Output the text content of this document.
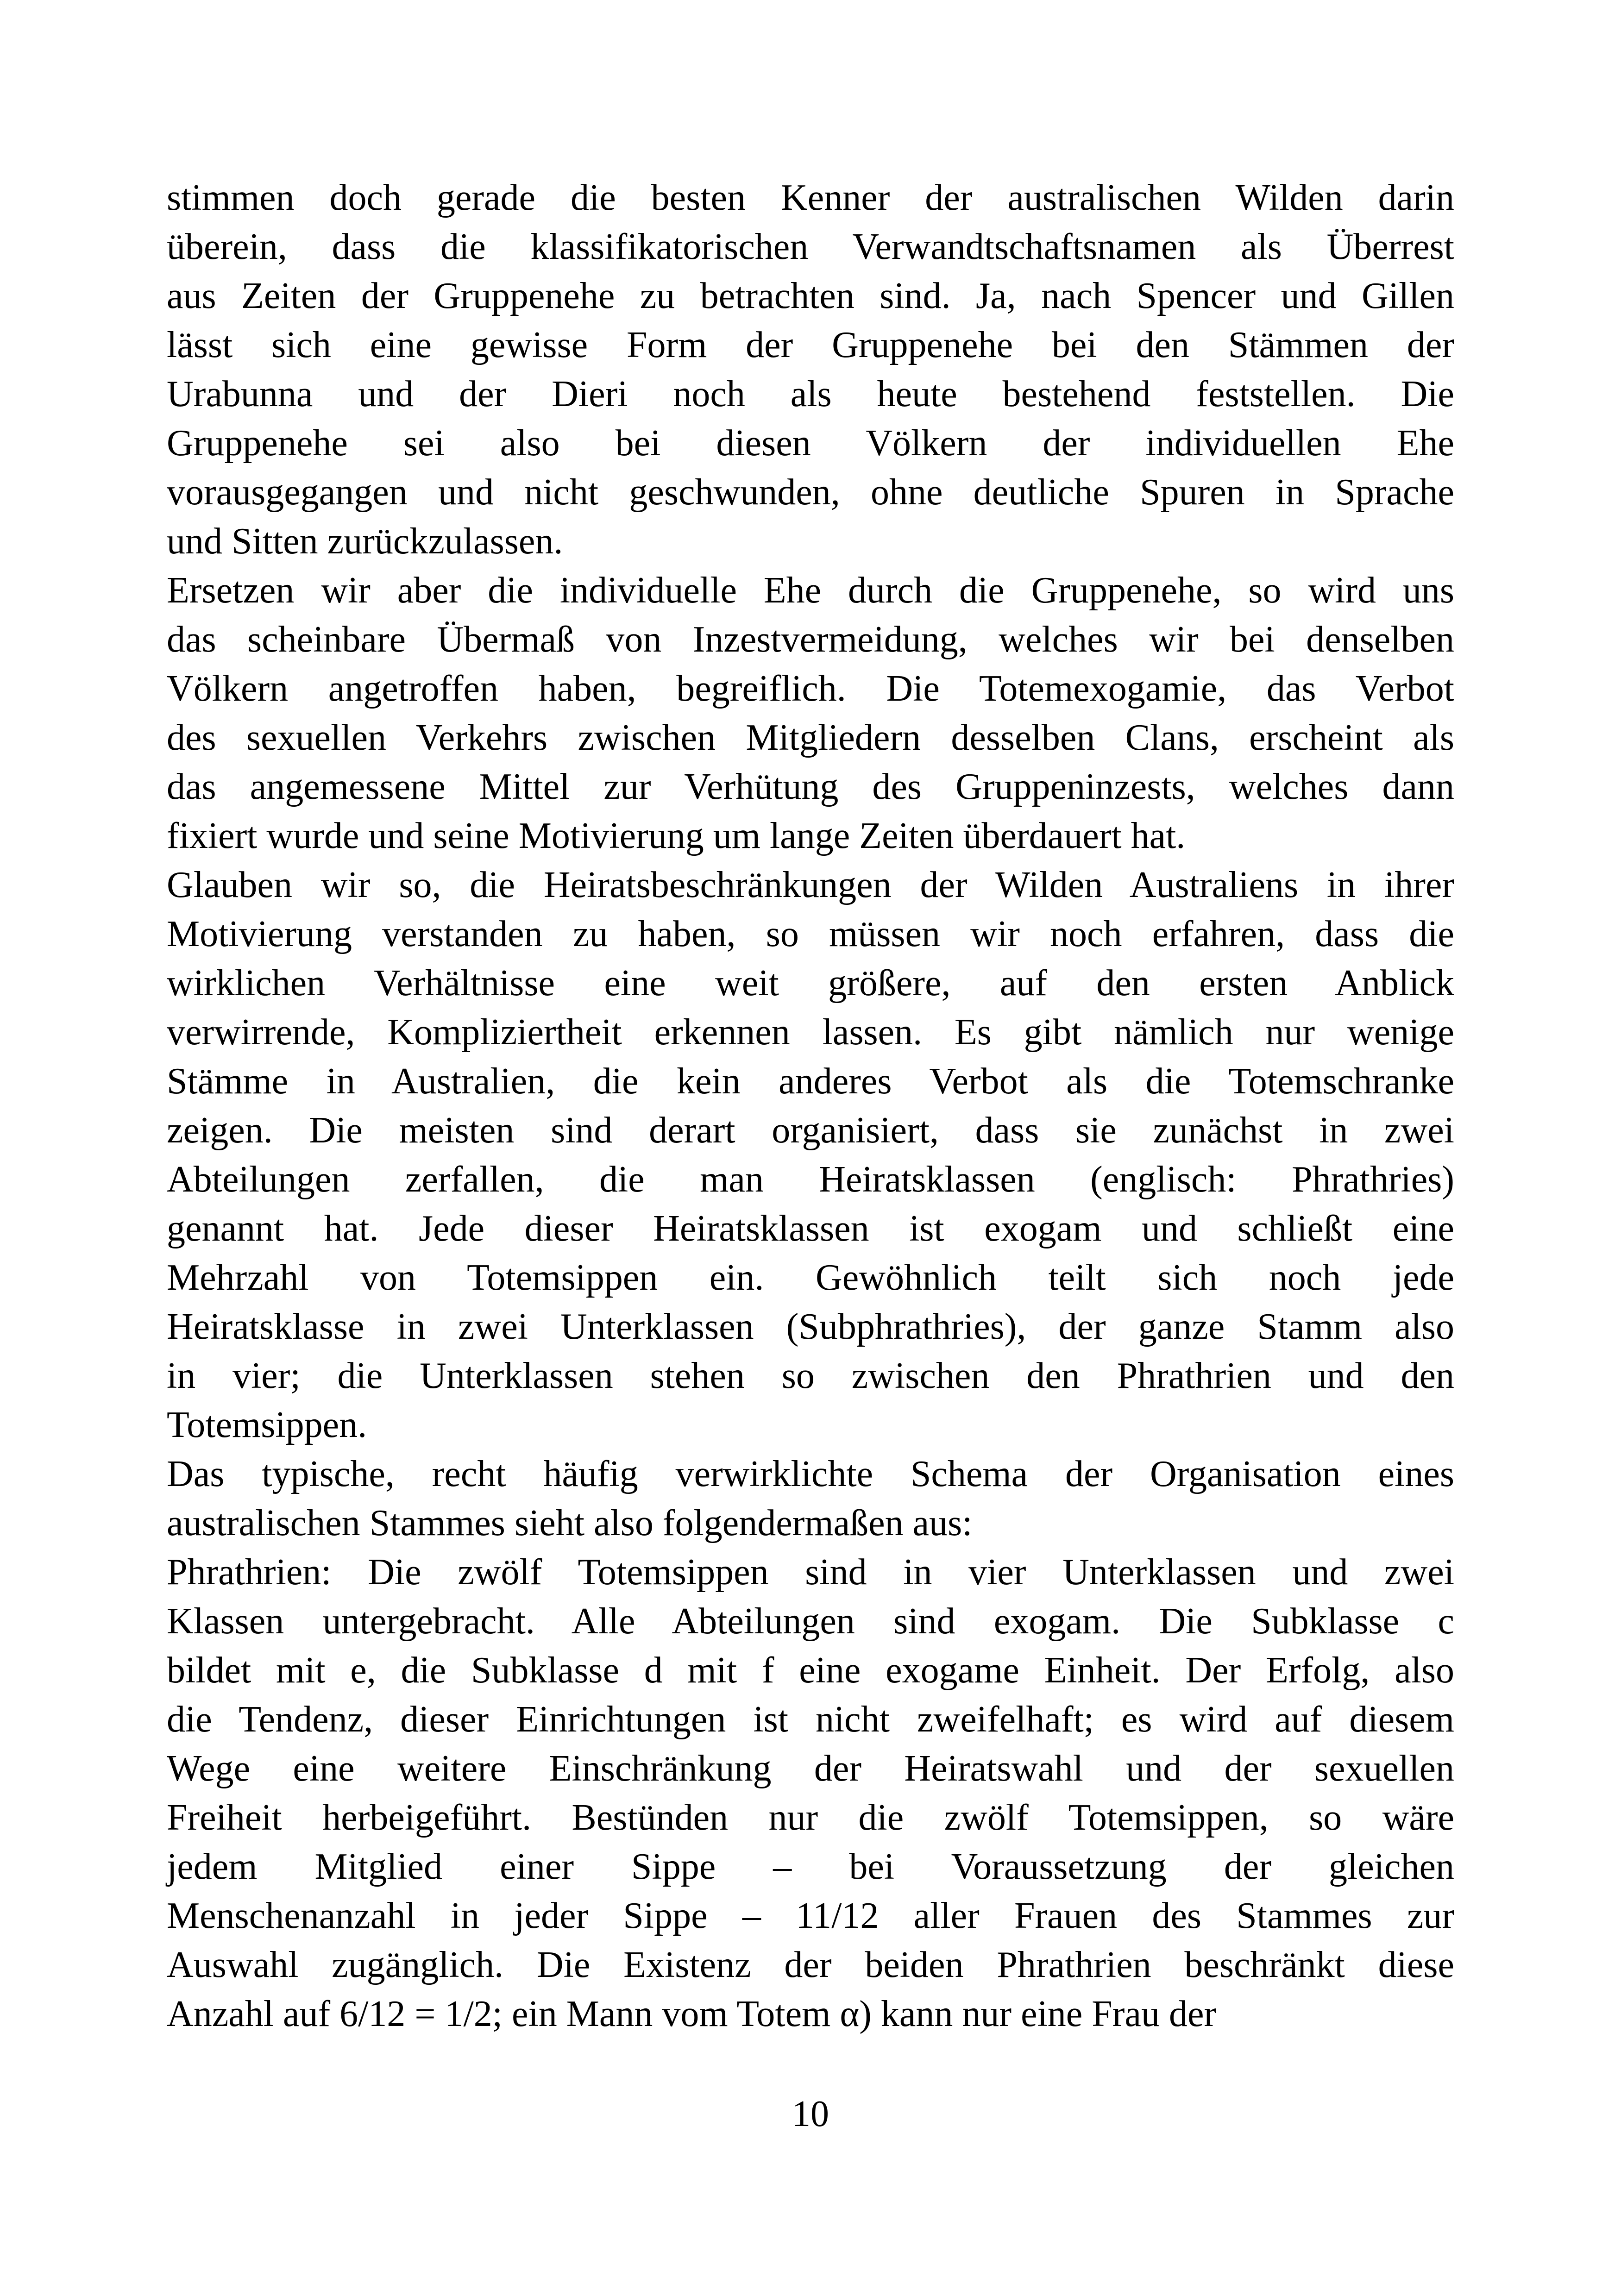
stimmen doch gerade die besten Kenner der australischen Wilden darin
überein, dass die klassifikatorischen Verwandtschaftsnamen als Überrest
aus Zeiten der Gruppenehe zu betrachten sind. Ja, nach Spencer und Gillen
lässt sich eine gewisse Form der Gruppenehe bei den Stämmen der
Urabunna und der Dieri noch als heute bestehend feststellen. Die
Gruppenehe sei also bei diesen Völkern der individuellen Ehe
vorausgegangen und nicht geschwunden, ohne deutliche Spuren in Sprache
und Sitten zurückzulassen.
Ersetzen wir aber die individuelle Ehe durch die Gruppenehe, so wird uns
das scheinbare Übermaß von Inzestvermeidung, welches wir bei denselben
Völkern angetroffen haben, begreiflich. Die Totemexogamie, das Verbot
des sexuellen Verkehrs zwischen Mitgliedern desselben Clans, erscheint als
das angemessene Mittel zur Verhütung des Gruppeninzests, welches dann
fixiert wurde und seine Motivierung um lange Zeiten überdauert hat.
Glauben wir so, die Heiratsbeschränkungen der Wilden Australiens in ihrer
Motivierung verstanden zu haben, so müssen wir noch erfahren, dass die
wirklichen Verhältnisse eine weit größere, auf den ersten Anblick
verwirrende, Kompliziertheit erkennen lassen. Es gibt nämlich nur wenige
Stämme in Australien, die kein anderes Verbot als die Totemschranke
zeigen. Die meisten sind derart organisiert, dass sie zunächst in zwei
Abteilungen zerfallen, die man Heiratsklassen (englisch: Phrathries)
genannt hat. Jede dieser Heiratsklassen ist exogam und schließt eine
Mehrzahl von Totemsippen ein. Gewöhnlich teilt sich noch jede
Heiratsklasse in zwei Unterklassen (Subphrathries), der ganze Stamm also
in vier; die Unterklassen stehen so zwischen den Phrathrien und den
Totemsippen.
Das typische, recht häufig verwirklichte Schema der Organisation eines
australischen Stammes sieht also folgendermaßen aus:
Phrathrien: Die zwölf Totemsippen sind in vier Unterklassen und zwei
Klassen untergebracht. Alle Abteilungen sind exogam. Die Subklasse c
bildet mit e, die Subklasse d mit f eine exogame Einheit. Der Erfolg, also
die Tendenz, dieser Einrichtungen ist nicht zweifelhaft; es wird auf diesem
Wege eine weitere Einschränkung der Heiratswahl und der sexuellen
Freiheit herbeigeführt. Bestünden nur die zwölf Totemsippen, so wäre
jedem Mitglied einer Sippe – bei Voraussetzung der gleichen
Menschenanzahl in jeder Sippe – 11/12 aller Frauen des Stammes zur
Auswahl zugänglich. Die Existenz der beiden Phrathrien beschränkt diese
Anzahl auf 6/12 = 1/2; ein Mann vom Totem α) kann nur eine Frau der
10
